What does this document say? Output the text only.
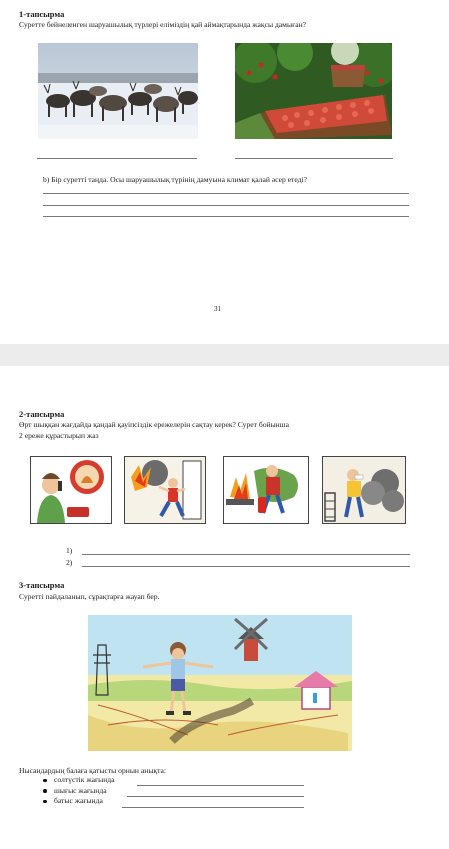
1-тапсырма
Суретте бейнеленген шаруашылық түрлері еліміздің қай аймақтарында жақсы дамыған?
b) Бір суретті таңда. Осы шаруашылық түрінің дамуына климат қалай әсер етеді?
31
2-тапсырма
Өрт шыққан жағдайда қандай қауіпсіздік ережелерін сақтау керек? Сурет бойынша
2 ереже құрастырып жаз
1)
2)
3-тапсырма
Суретті пайдаланып, сұрақтарға жауап бер.
Нысандардың балаға қатысты орнын анықта:
солтүстік жағында
шығыс жағында
батыс жағында
